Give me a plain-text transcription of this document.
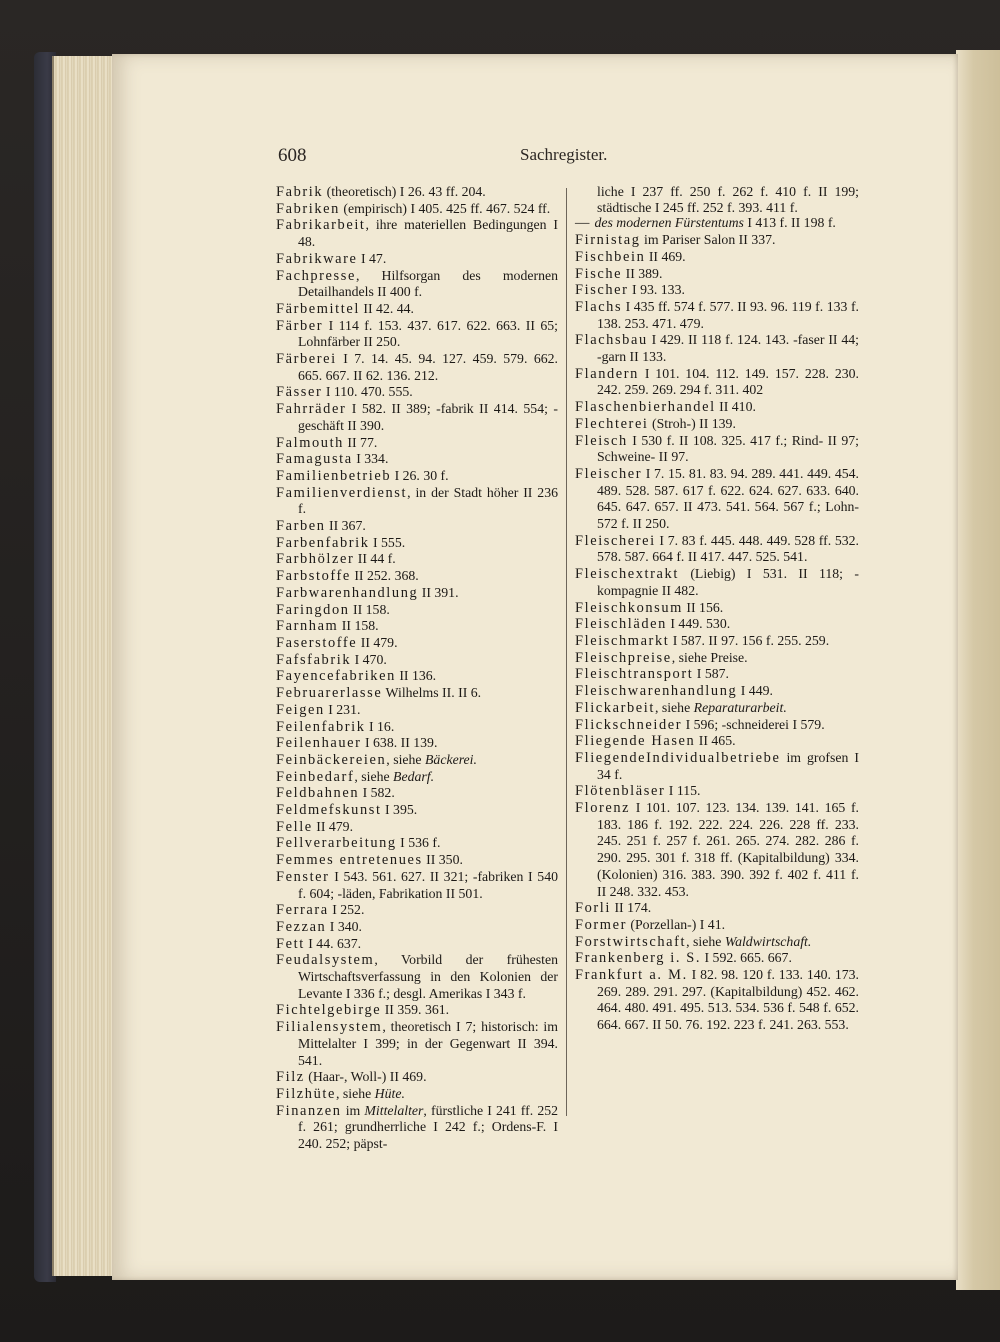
608	Sachregister.

Fabrik (theoretisch) I 26. 43 ff. 204.

Fabriken (empirisch) I 405. 425 ff. 467. 524 ff.

Fabrikarbeit, ihre materiellen Bedingungen I 48.

Fabrikware I 47.

Fachpresse, Hilfsorgan des modernen Detailhandels II 400 f.

Färbemittel II 42. 44.

Färber I 114 f. 153. 437. 617. 622. 663. II 65; Lohnfärber II 250.

Färberei I 7. 14. 45. 94. 127. 459. 579. 662. 665. 667. II 62. 136. 212.

Fässer I 110. 470. 555.

Fahrräder I 582. II 389; -fabrik II 414. 554; -geschäft II 390.

Falmouth II 77.

Famagusta I 334.

Familienbetrieb I 26. 30 f.

Familienverdienst, in der Stadt höher II 236 f.

Farben II 367.

Farbenfabrik I 555.

Farbhölzer II 44 f.

Farbstoffe II 252. 368.

Farbwarenhandlung II 391.

Faringdon II 158.

Farnham II 158.

Faserstoffe II 479.

Fafsfabrik I 470.

Fayencefabriken II 136.

Februarerlasse Wilhelms II. II 6.

Feigen I 231.

Feilenfabrik I 16.

Feilenhauer I 638. II 139.

Feinbäckereien, siehe Bäckerei.

Feinbedarf, siehe Bedarf.

Feldbahnen I 582.

Feldmefskunst I 395.

Felle II 479.

Fellverarbeitung I 536 f.

Femmes entretenues II 350.

Fenster I 543. 561. 627. II 321; -fabriken I 540 f. 604; -läden, Fabrikation II 501.

Ferrara I 252.

Fezzan I 340.

Fett I 44. 637.

Feudalsystem, Vorbild der frühesten Wirtschaftsverfassung in den Kolonien der Levante I 336 f.; desgl. Amerikas I 343 f.

Fichtelgebirge II 359. 361.

Filialensystem, theoretisch I 7; historisch: im Mittelalter I 399; in der Gegenwart II 394. 541.

Filz (Haar-, Woll-) II 469.

Filzhüte, siehe Hüte.

Finanzen im Mittelalter, fürstliche I 241 ff. 252 f. 261; grundherrliche I 242 f.; Ordens-F. I 240. 252; päpst-

liche I 237 ff. 250 f. 262 f. 410 f. II 199; städtische I 245 ff. 252 f. 393. 411 f.

— des modernen Fürstentums I 413 f. II 198 f.

Firnistag im Pariser Salon II 337.

Fischbein II 469.

Fische II 389.

Fischer I 93. 133.

Flachs I 435 ff. 574 f. 577. II 93. 96. 119 f. 133 f. 138. 253. 471. 479.

Flachsbau I 429. II 118 f. 124. 143. -faser II 44; -garn II 133.

Flandern I 101. 104. 112. 149. 157. 228. 230. 242. 259. 269. 294 f. 311. 402

Flaschenbierhandel II 410.

Flechterei (Stroh-) II 139.

Fleisch I 530 f. II 108. 325. 417 f.; Rind- II 97; Schweine- II 97.

Fleischer I 7. 15. 81. 83. 94. 289. 441. 449. 454. 489. 528. 587. 617 f. 622. 624. 627. 633. 640. 645. 647. 657. II 473. 541. 564. 567 f.; Lohn- 572 f. II 250.

Fleischerei I 7. 83 f. 445. 448. 449. 528 ff. 532. 578. 587. 664 f. II 417. 447. 525. 541.

Fleischextrakt (Liebig) I 531. II 118; -kompagnie II 482.

Fleischkonsum II 156.

Fleischläden I 449. 530.

Fleischmarkt I 587. II 97. 156 f. 255. 259.

Fleischpreise, siehe Preise.

Fleischtransport I 587.

Fleischwarenhandlung I 449.

Flickarbeit, siehe Reparaturarbeit.

Flickschneider I 596; -schneiderei I 579.

Fliegende Hasen II 465.

FliegendeIndividualbetriebe im grofsen I 34 f.

Flötenbläser I 115.

Florenz I 101. 107. 123. 134. 139. 141. 165 f. 183. 186 f. 192. 222. 224. 226. 228 ff. 233. 245. 251 f. 257 f. 261. 265. 274. 282. 286 f. 290. 295. 301 f. 318 ff. (Kapitalbildung) 334. (Kolonien) 316. 383. 390. 392 f. 402 f. 411 f. II 248. 332. 453.

Forli II 174.

Former (Porzellan-) I 41.

Forstwirtschaft, siehe Waldwirtschaft.

Frankenberg i. S. I 592. 665. 667.

Frankfurt a. M. I 82. 98. 120 f. 133. 140. 173. 269. 289. 291. 297. (Kapitalbildung) 452. 462. 464. 480. 491. 495. 513. 534. 536 f. 548 f. 652. 664. 667. II 50. 76. 192. 223 f. 241. 263. 553.
